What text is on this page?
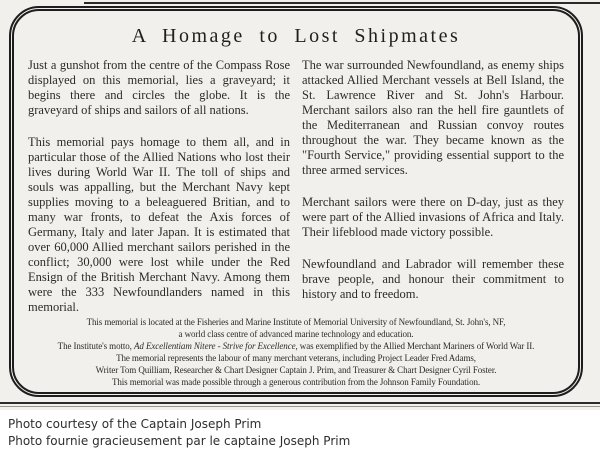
A Homage to Lost Shipmates

Just a gunshot from the centre of the Compass Rose displayed on this memorial, lies a graveyard; it begins there and circles the globe. It is the graveyard of ships and sailors of all nations.

This memorial pays homage to them all, and in particular those of the Allied Nations who lost their lives during World War II. The toll of ships and souls was appalling, but the Merchant Navy kept supplies moving to a beleaguered Britian, and to many war fronts, to defeat the Axis forces of Germany, Italy and later Japan. It is estimated that over 60,000 Allied merchant sailors perished in the conflict; 30,000 were lost while under the Red Ensign of the British Merchant Navy. Among them were the 333 Newfoundlanders named in this memorial.

The war surrounded Newfoundland, as enemy ships attacked Allied Merchant vessels at Bell Island, the St. Lawrence River and St. John's Harbour. Merchant sailors also ran the hell fire gauntlets of the Mediterranean and Russian convoy routes throughout the war. They became known as the "Fourth Service," providing essential support to the three armed services.

Merchant sailors were there on D-day, just as they were part of the Allied invasions of Africa and Italy. Their lifeblood made victory possible.

Newfoundland and Labrador will remember these brave people, and honour their commitment to history and to freedom.

This memorial is located at the Fisheries and Marine Institute of Memorial University of Newfoundland, St. John's, NF,
a world class centre of advanced marine technology and education.
The Institute's motto, Ad Excellentiam Nitere - Strive for Excellence, was exemplified by the Allied Merchant Mariners of World War II.
The memorial represents the labour of many merchant veterans, including Project Leader Fred Adams,
Writer Tom Quilliam, Researcher & Chart Designer Captain J. Prim, and Treasurer & Chart Designer Cyril Foster.
This memorial was made possible through a generous contribution from the Johnson Family Foundation.
Photo courtesy of the Captain Joseph Prim
Photo fournie gracieusement par le captaine Joseph Prim
